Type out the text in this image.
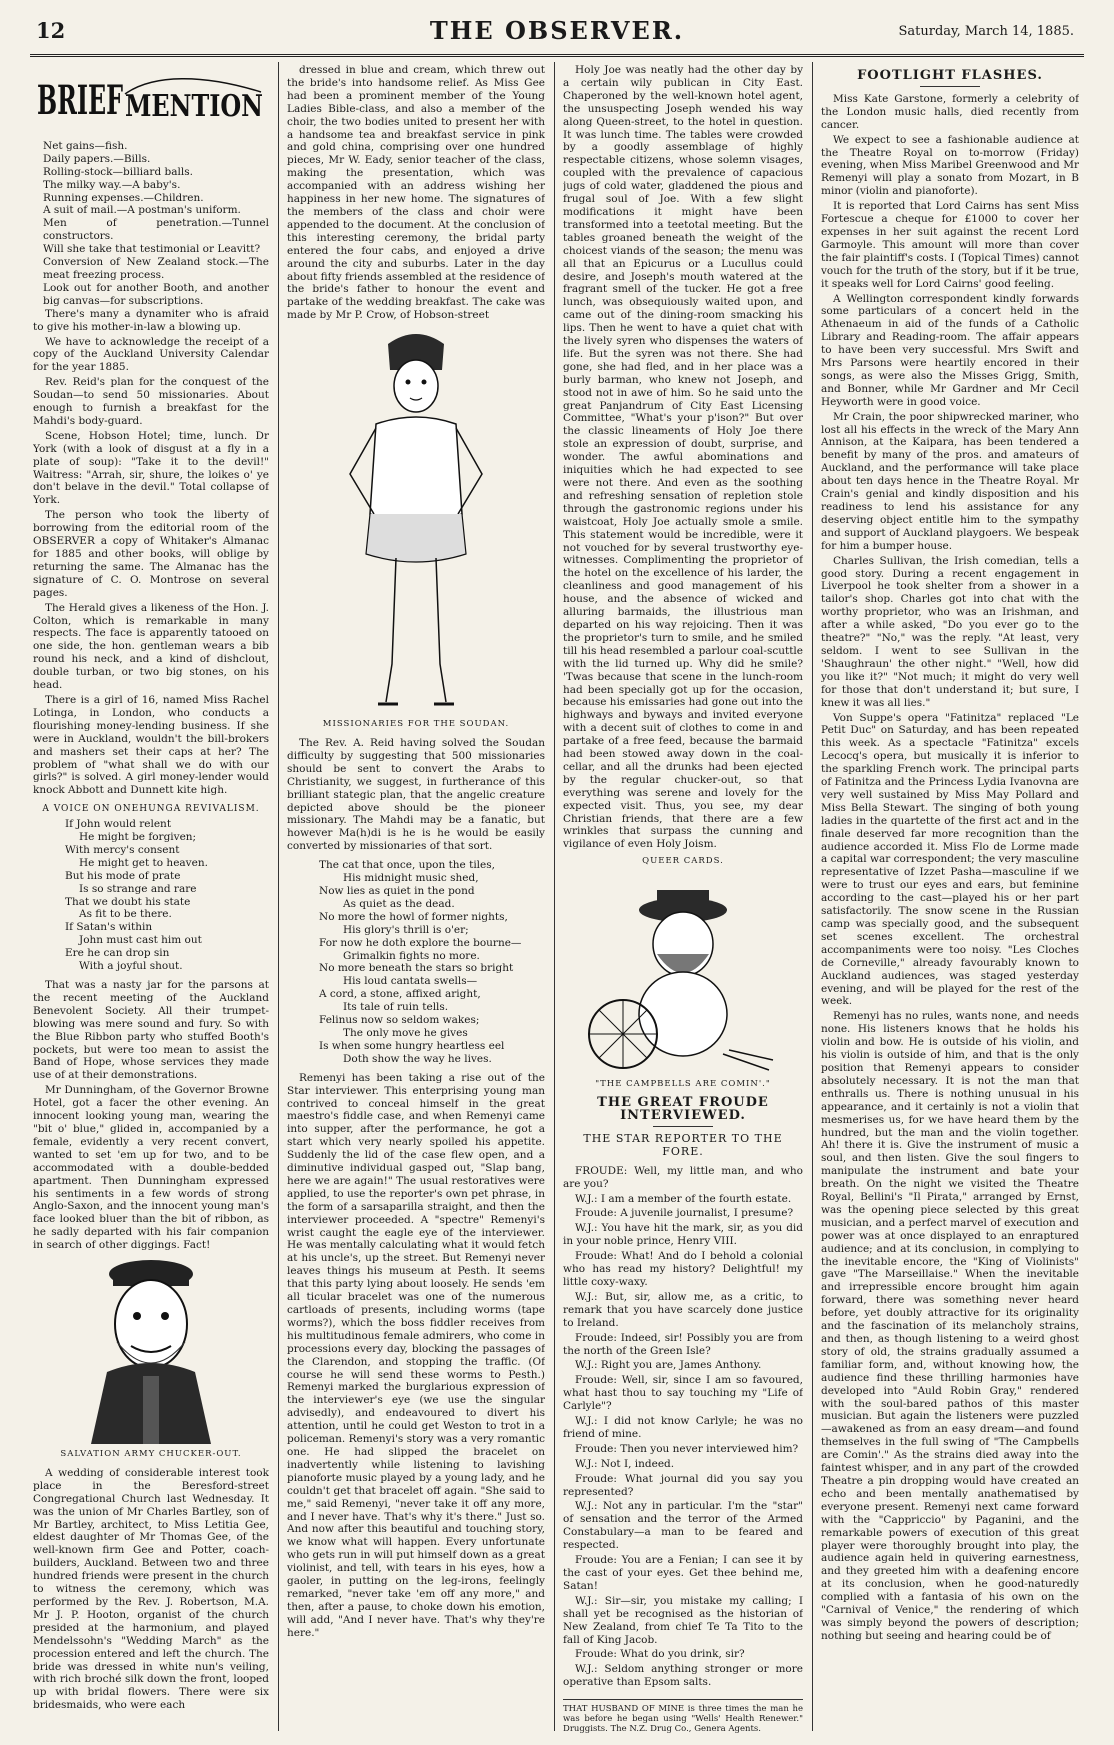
12	THE OBSERVER.	Saturday, March 14, 1885.
BRIEF MENTION

Net gains—fish.

Daily papers.—Bills.

Rolling-stock—billiard balls.

The milky way.—A baby's.

Running expenses.—Children.

A suit of mail.—A postman's uniform.

Men of penetration.—Tunnel constructors.

Will she take that testimonial or Leavitt?

Conversion of New Zealand stock.—The meat freezing process.

Look out for another Booth, and another big canvas—for subscriptions.

There's many a dynamiter who is afraid to give his mother-in-law a blowing up.

We have to acknowledge the receipt of a copy of the Auckland University Calendar for the year 1885.

Rev. Reid's plan for the conquest of the Soudan—to send 50 missionaries. About enough to furnish a breakfast for the Mahdi's body-guard.

Scene, Hobson Hotel; time, lunch. Dr York (with a look of disgust at a fly in a plate of soup): "Take it to the devil!" Waitress: "Arrah, sir, shure, the loikes o' ye don't belave in the devil." Total collapse of York.

The person who took the liberty of borrowing from the editorial room of the OBSERVER a copy of Whitaker's Almanac for 1885 and other books, will oblige by returning the same. The Almanac has the signature of C. O. Montrose on several pages.

The Herald gives a likeness of the Hon. J. Colton, which is remarkable in many respects. The face is apparently tatooed on one side, the hon. gentleman wears a bib round his neck, and a kind of dishclout, double turban, or two big stones, on his head.

There is a girl of 16, named Miss Rachel Lotinga, in London, who conducts a flourishing money-lending business. If she were in Auckland, wouldn't the bill-brokers and mashers set their caps at her? The problem of "what shall we do with our girls?" is solved. A girl money-lender would knock Abbott and Dunnett kite high.

A VOICE ON ONEHUNGA REVIVALISM.

If John would relent

He might be forgiven;

With mercy's consent

He might get to heaven.

But his mode of prate

Is so strange and rare

That we doubt his state

As fit to be there.

If Satan's within

John must cast him out

Ere he can drop sin

With a joyful shout.

That was a nasty jar for the parsons at the recent meeting of the Auckland Benevolent Society. All their trumpet-blowing was mere sound and fury. So with the Blue Ribbon party who stuffed Booth's pockets, but were too mean to assist the Band of Hope, whose services they made use of at their demonstrations.

Mr Dunningham, of the Governor Browne Hotel, got a facer the other evening. An innocent looking young man, wearing the "bit o' blue," glided in, accompanied by a female, evidently a very recent convert, wanted to set 'em up for two, and to be accommodated with a double-bedded apartment. Then Dunningham expressed his sentiments in a few words of strong Anglo-Saxon, and the innocent young man's face looked bluer than the bit of ribbon, as he sadly departed with his fair companion in search of other diggings. Fact!

SALVATION ARMY CHUCKER-OUT.

A wedding of considerable interest took place in the Beresford-street Congregational Church last Wednesday. It was the union of Mr Charles Bartley, son of Mr Bartley, architect, to Miss Letitia Gee, eldest daughter of Mr Thomas Gee, of the well-known firm Gee and Potter, coach-builders, Auckland. Between two and three hundred friends were present in the church to witness the ceremony, which was performed by the Rev. J. Robertson, M.A. Mr J. P. Hooton, organist of the church presided at the harmonium, and played Mendelssohn's "Wedding March" as the procession entered and left the church. The bride was dressed in white nun's veiling, with rich broché silk down the front, looped up with bridal flowers. There were six bridesmaids, who were each

dressed in blue and cream, which threw out the bride's into handsome relief. As Miss Gee had been a prominent member of the Young Ladies Bible-class, and also a member of the choir, the two bodies united to present her with a handsome tea and breakfast service in pink and gold china, comprising over one hundred pieces, Mr W. Eady, senior teacher of the class, making the presentation, which was accompanied with an address wishing her happiness in her new home. The signatures of the members of the class and choir were appended to the document. At the conclusion of this interesting ceremony, the bridal party entered the four cabs, and enjoyed a drive around the city and suburbs. Later in the day about fifty friends assembled at the residence of the bride's father to honour the event and partake of the wedding breakfast. The cake was made by Mr P. Crow, of Hobson-street

MISSIONARIES FOR THE SOUDAN.

The Rev. A. Reid having solved the Soudan difficulty by suggesting that 500 missionaries should be sent to convert the Arabs to Christianity, we suggest, in furtherance of this brilliant stategic plan, that the angelic creature depicted above should be the pioneer missionary. The Mahdi may be a fanatic, but however Ma(h)di is he is he would be easily converted by missionaries of that sort.

The cat that once, upon the tiles,

His midnight music shed,

Now lies as quiet in the pond

As quiet as the dead.

No more the howl of former nights,

His glory's thrill is o'er;

For now he doth explore the bourne—

Grimalkin fights no more.

No more beneath the stars so bright

His loud cantata swells—

A cord, a stone, affixed aright,

Its tale of ruin tells.

Felinus now so seldom wakes;

The only move he gives

Is when some hungry heartless eel

Doth show the way he lives.

Remenyi has been taking a rise out of the Star interviewer. This enterprising young man contrived to conceal himself in the great maestro's fiddle case, and when Remenyi came into supper, after the performance, he got a start which very nearly spoiled his appetite. Suddenly the lid of the case flew open, and a diminutive individual gasped out, "Slap bang, here we are again!" The usual restoratives were applied, to use the reporter's own pet phrase, in the form of a sarsaparilla straight, and then the interviewer proceeded. A "spectre" Remenyi's wrist caught the eagle eye of the interviewer. He was mentally calculating what it would fetch at his uncle's, up the street. But Remenyi never leaves things his museum at Pesth. It seems that this party lying about loosely. He sends 'em all ticular bracelet was one of the numerous cartloads of presents, including worms (tape worms?), which the boss fiddler receives from his multitudinous female admirers, who come in processions every day, blocking the passages of the Clarendon, and stopping the traffic. (Of course he will send these worms to Pesth.) Remenyi marked the burglarious expression of the interviewer's eye (we use the singular advisedly), and endeavoured to divert his attention, until he could get Weston to trot in a policeman. Remenyi's story was a very romantic one. He had slipped the bracelet on inadvertently while listening to lavishing pianoforte music played by a young lady, and he couldn't get that bracelet off again. "She said to me," said Remenyi, "never take it off any more, and I never have. That's why it's there." Just so. And now after this beautiful and touching story, we know what will happen. Every unfortunate who gets run in will put himself down as a great violinist, and tell, with tears in his eyes, how a gaoler, in putting on the leg-irons, feelingly remarked, "never take 'em off any more," and then, after a pause, to choke down his emotion, will add, "And I never have. That's why they're here."

Holy Joe was neatly had the other day by a certain wily publican in City East. Chaperoned by the well-known hotel agent, the unsuspecting Joseph wended his way along Queen-street, to the hotel in question. It was lunch time. The tables were crowded by a goodly assemblage of highly respectable citizens, whose solemn visages, coupled with the prevalence of capacious jugs of cold water, gladdened the pious and frugal soul of Joe. With a few slight modifications it might have been transformed into a teetotal meeting. But the tables groaned beneath the weight of the choicest viands of the season; the menu was all that an Epicurus or a Lucullus could desire, and Joseph's mouth watered at the fragrant smell of the tucker. He got a free lunch, was obsequiously waited upon, and came out of the dining-room smacking his lips. Then he went to have a quiet chat with the lively syren who dispenses the waters of life. But the syren was not there. She had gone, she had fled, and in her place was a burly barman, who knew not Joseph, and stood not in awe of him. So he said unto the great Panjandrum of City East Licensing Committee, "What's your p'ison?" But over the classic lineaments of Holy Joe there stole an expression of doubt, surprise, and wonder. The awful abominations and iniquities which he had expected to see were not there. And even as the soothing and refreshing sensation of repletion stole through the gastronomic regions under his waistcoat, Holy Joe actually smole a smile. This statement would be incredible, were it not vouched for by several trustworthy eye-witnesses. Complimenting the proprietor of the hotel on the excellence of his larder, the cleanliness and good management of his house, and the absence of wicked and alluring barmaids, the illustrious man departed on his way rejoicing. Then it was the proprietor's turn to smile, and he smiled till his head resembled a parlour coal-scuttle with the lid turned up. Why did he smile? 'Twas because that scene in the lunch-room had been specially got up for the occasion, because his emissaries had gone out into the highways and byways and invited everyone with a decent suit of clothes to come in and partake of a free feed, because the barmaid had been stowed away down in the coal-cellar, and all the drunks had been ejected by the regular chucker-out, so that everything was serene and lovely for the expected visit. Thus, you see, my dear Christian friends, that there are a few wrinkles that surpass the cunning and vigilance of even Holy Joism.

QUEER CARDS.
"THE CAMPBELLS ARE COMIN'."
THE GREAT FROUDE INTERVIEWED.
THE STAR REPORTER TO THE FORE.

FROUDE: Well, my little man, and who are you?

W.J.: I am a member of the fourth estate.

Froude: A juvenile journalist, I presume?

W.J.: You have hit the mark, sir, as you did in your noble prince, Henry VIII.

Froude: What! And do I behold a colonial who has read my history? Delightful! my little coxy-waxy.

W.J.: But, sir, allow me, as a critic, to remark that you have scarcely done justice to Ireland.

Froude: Indeed, sir! Possibly you are from the north of the Green Isle?

W.J.: Right you are, James Anthony.

Froude: Well, sir, since I am so favoured, what hast thou to say touching my "Life of Carlyle"?

W.J.: I did not know Carlyle; he was no friend of mine.

Froude: Then you never interviewed him?

W.J.: Not I, indeed.

Froude: What journal did you say you represented?

W.J.: Not any in particular. I'm the "star" of sensation and the terror of the Armed Constabulary—a man to be feared and respected.

Froude: You are a Fenian; I can see it by the cast of your eyes. Get thee behind me, Satan!

W.J.: Sir—sir, you mistake my calling; I shall yet be recognised as the historian of New Zealand, from chief Te Ta Tito to the fall of King Jacob.

Froude: What do you drink, sir?

W.J.: Seldom anything stronger or more operative than Epsom salts.

THAT HUSBAND OF MINE is three times the man he was before he began using "Wells' Health Renewer." Druggists. The N.Z. Drug Co., Genera Agents.
FOOTLIGHT FLASHES.

Miss Kate Garstone, formerly a celebrity of the London music halls, died recently from cancer.

We expect to see a fashionable audience at the Theatre Royal on to-morrow (Friday) evening, when Miss Maribel Greenwood and Mr Remenyi will play a sonato from Mozart, in B minor (violin and pianoforte).

It is reported that Lord Cairns has sent Miss Fortescue a cheque for £1000 to cover her expenses in her suit against the recent Lord Garmoyle. This amount will more than cover the fair plaintiff's costs. I (Topical Times) cannot vouch for the truth of the story, but if it be true, it speaks well for Lord Cairns' good feeling.

A Wellington correspondent kindly forwards some particulars of a concert held in the Athenaeum in aid of the funds of a Catholic Library and Reading-room. The affair appears to have been very successful. Mrs Swift and Mrs Parsons were heartily encored in their songs, as were also the Misses Grigg, Smith, and Bonner, while Mr Gardner and Mr Cecil Heyworth were in good voice.

Mr Crain, the poor shipwrecked mariner, who lost all his effects in the wreck of the Mary Ann Annison, at the Kaipara, has been tendered a benefit by many of the pros. and amateurs of Auckland, and the performance will take place about ten days hence in the Theatre Royal. Mr Crain's genial and kindly disposition and his readiness to lend his assistance for any deserving object entitle him to the sympathy and support of Auckland playgoers. We bespeak for him a bumper house.

Charles Sullivan, the Irish comedian, tells a good story. During a recent engagement in Liverpool he took shelter from a shower in a tailor's shop. Charles got into chat with the worthy proprietor, who was an Irishman, and after a while asked, "Do you ever go to the theatre?" "No," was the reply. "At least, very seldom. I went to see Sullivan in the 'Shaughraun' the other night." "Well, how did you like it?" "Not much; it might do very well for those that don't understand it; but sure, I knew it was all lies."

Von Suppe's opera "Fatinitza" replaced "Le Petit Duc" on Saturday, and has been repeated this week. As a spectacle "Fatinitza" excels Lecocq's opera, but musically it is inferior to the sparkling French work. The principal parts of Fatinitza and the Princess Lydia Ivanovna are very well sustained by Miss May Pollard and Miss Bella Stewart. The singing of both young ladies in the quartette of the first act and in the finale deserved far more recognition than the audience accorded it. Miss Flo de Lorme made a capital war correspondent; the very masculine representative of Izzet Pasha—masculine if we were to trust our eyes and ears, but feminine according to the cast—played his or her part satisfactorily. The snow scene in the Russian camp was specially good, and the subsequent set scenes excellent. The orchestral accompaniments were too noisy. "Les Cloches de Corneville," already favourably known to Auckland audiences, was staged yesterday evening, and will be played for the rest of the week.

Remenyi has no rules, wants none, and needs none. His listeners knows that he holds his violin and bow. He is outside of his violin, and his violin is outside of him, and that is the only position that Remenyi appears to consider absolutely necessary. It is not the man that enthralls us. There is nothing unusual in his appearance, and it certainly is not a violin that mesmerises us, for we have heard them by the hundred, but the man and the violin together. Ah! there it is. Give the instrument of music a soul, and then listen. Give the soul fingers to manipulate the instrument and bate your breath. On the night we visited the Theatre Royal, Bellini's "Il Pirata," arranged by Ernst, was the opening piece selected by this great musician, and a perfect marvel of execution and power was at once displayed to an enraptured audience; and at its conclusion, in complying to the inevitable encore, the "King of Violinists" gave "The Marseillaise." When the inevitable and irrepressible encore brought him again forward, there was something never heard before, yet doubly attractive for its originality and the fascination of its melancholy strains, and then, as though listening to a weird ghost story of old, the strains gradually assumed a familiar form, and, without knowing how, the audience find these thrilling harmonies have developed into "Auld Robin Gray," rendered with the soul-bared pathos of this master musician. But again the listeners were puzzled—awakened as from an easy dream—and found themselves in the full swing of "The Campbells are Comin'." As the strains died away into the faintest whisper, and in any part of the crowded Theatre a pin dropping would have created an echo and been mentally anathematised by everyone present. Remenyi next came forward with the "Cappriccio" by Paganini, and the remarkable powers of execution of this great player were thoroughly brought into play, the audience again held in quivering earnestness, and they greeted him with a deafening encore at its conclusion, when he good-naturedly complied with a fantasia of his own on the "Carnival of Venice," the rendering of which was simply beyond the powers of description; nothing but seeing and hearing could be of
